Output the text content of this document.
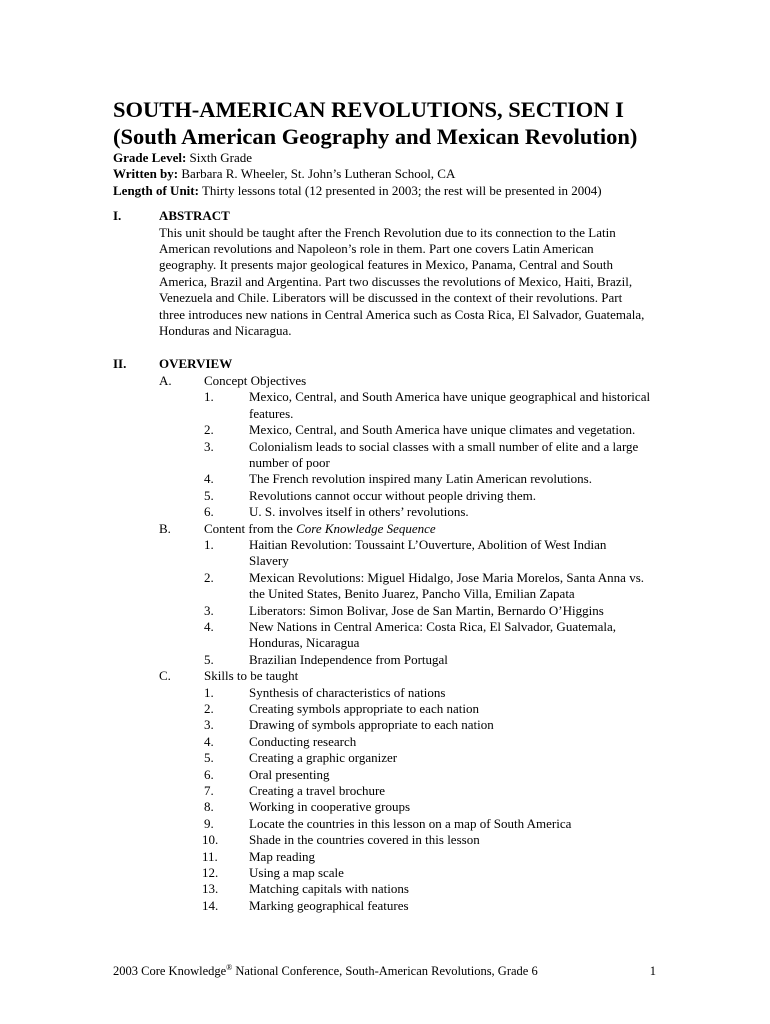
SOUTH-AMERICAN REVOLUTIONS, SECTION I
(South American Geography and Mexican Revolution)
Grade Level: Sixth Grade
Written by: Barbara R. Wheeler, St. John’s Lutheran School, CA
Length of Unit: Thirty lessons total (12 presented in 2003; the rest will be presented in 2004)
I.	ABSTRACT
This unit should be taught after the French Revolution due to its connection to the Latin
American revolutions and Napoleon’s role in them. Part one covers Latin American
geography. It presents major geological features in Mexico, Panama, Central and South
America, Brazil and Argentina. Part two discusses the revolutions of Mexico, Haiti, Brazil,
Venezuela and Chile. Liberators will be discussed in the context of their revolutions. Part
three introduces new nations in Central America such as Costa Rica, El Salvador, Guatemala,
Honduras and Nicaragua.
II.	OVERVIEW
A. Concept Objectives
1.	Mexico, Central, and South America have unique geographical and historical
features.
2.	Mexico, Central, and South America have unique climates and vegetation.
3.	Colonialism leads to social classes with a small number of elite and a large
number of poor
4.	The French revolution inspired many Latin American revolutions.
5.	Revolutions cannot occur without people driving them.
6.	U. S. involves itself in others’ revolutions.
B.	Content from the Core Knowledge Sequence
1.	Haitian Revolution: Toussaint L’Ouverture, Abolition of West Indian
Slavery
2.	Mexican Revolutions: Miguel Hidalgo, Jose Maria Morelos, Santa Anna vs.
the United States, Benito Juarez, Pancho Villa, Emilian Zapata
3.	Liberators: Simon Bolivar, Jose de San Martin, Bernardo O’Higgins
4.	New Nations in Central America: Costa Rica, El Salvador, Guatemala,
Honduras, Nicaragua
5.	Brazilian Independence from Portugal
C.	Skills to be taught
1.	Synthesis of characteristics of nations
2.	Creating symbols appropriate to each nation
3.	Drawing of symbols appropriate to each nation
4.	Conducting research
5.	Creating a graphic organizer
6.	Oral presenting
7.	Creating a travel brochure
8.	Working in cooperative groups
9.	Locate the countries in this lesson on a map of South America
10. Shade in the countries covered in this lesson
11.	Map reading
12. Using a map scale
13. Matching capitals with nations
14. Marking geographical features
2003 Core Knowledge® National Conference, South-American Revolutions, Grade 6	1
